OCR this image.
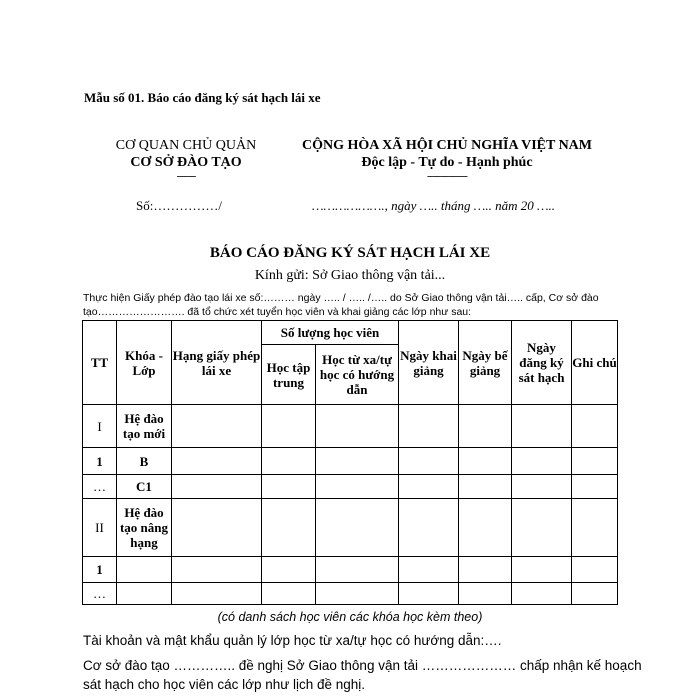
Mẫu số 01. Báo cáo đăng ký sát hạch lái xe
CƠ QUAN CHỦ QUẢN
CƠ SỞ ĐÀO TẠO
-------
CỘNG HÒA XÃ HỘI CHỦ NGHĨA VIỆT NAM
Độc lập - Tự do - Hạnh phúc
---------------
Số:……………/	………………., ngày ….. tháng ….. năm 20 …..
BÁO CÁO ĐĂNG KÝ SÁT HẠCH LÁI XE
Kính gửi: Sở Giao thông vận tải...
Thực hiện Giấy phép đào tạo lái xe số:……… ngày ….. / ….. /….. do Sở Giao thông vận tải….. cấp, Cơ sở đào tạo……………………. đã tổ chức xét tuyển học viên và khai giảng các lớp như sau:
TT	Khóa - Lớp	Hạng giấy phép lái xe	Số lượng học viên		Ngày khai giảng	Ngày bế giảng	Ngày đăng ký sát hạch	Ghi chú
			Học tập trung	Học từ xa/tự học có hướng dẫn				
I	Hệ đào tạo mới							
1	B							
…	C1							
II	Hệ đào tạo nâng hạng							
1								
…								
(có danh sách học viên các khóa học kèm theo)
Tài khoản và mật khẩu quản lý lớp học từ xa/tự học có hướng dẫn:….
Cơ sở đào tạo ………….. đề nghị Sở Giao thông vận tải ………………… chấp nhận kế hoạch
sát hạch cho học viên các lớp như lịch đề nghị.
